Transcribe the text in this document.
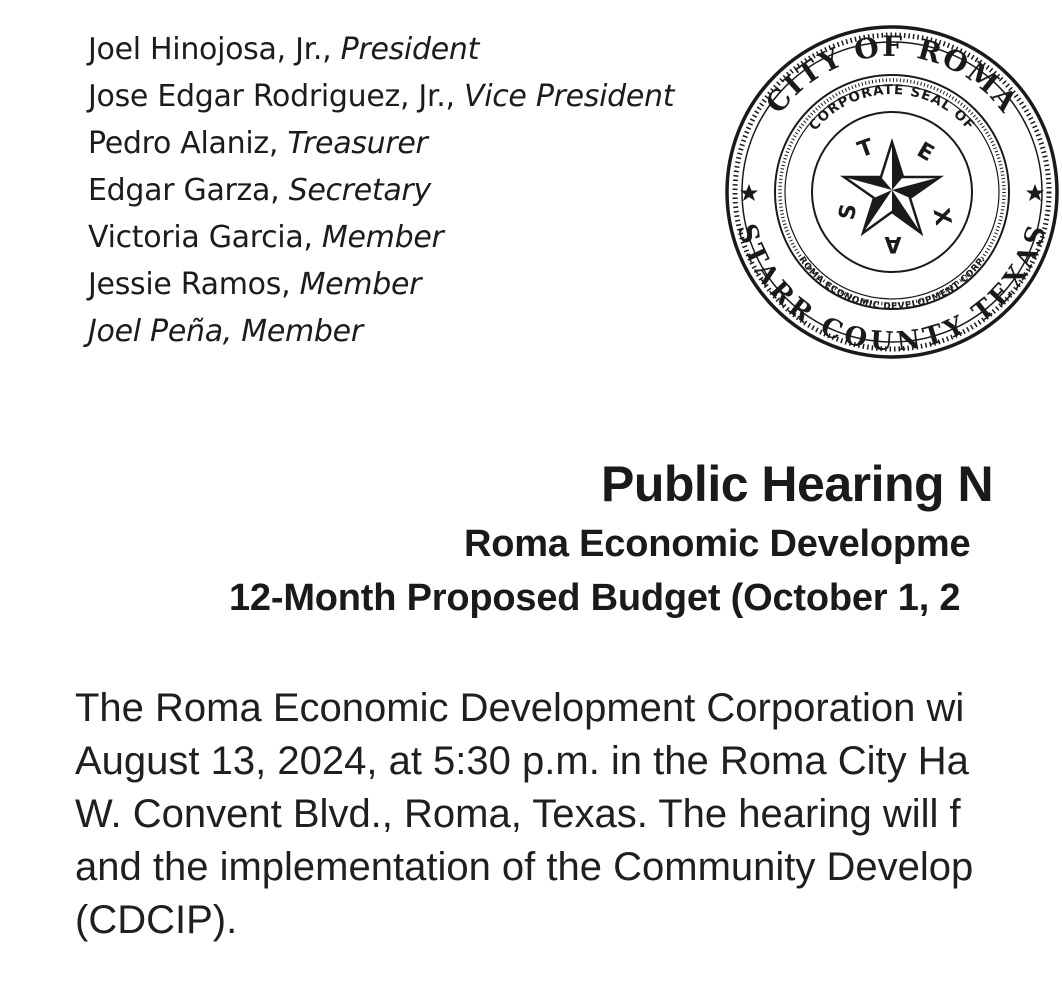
Joel Hinojosa, Jr., President
Jose Edgar Rodriguez, Jr., Vice President
Pedro Alaniz, Treasurer
Edgar Garza, Secretary
Victoria Garcia, Member
Jessie Ramos, Member
Joel Peña, Member
CITY OF ROMA
STARR COUNTY TEXAS
CORPORATE SEAL OF
ROMA ECONOMIC DEVELOPMENT CORP.
T E
X
A
S
Public Hearing N
Roma Economic Developme
12-Month Proposed Budget (October 1, 2
The Roma Economic Development Corporation wi
August 13, 2024, at 5:30 p.m. in the Roma City Ha
W. Convent Blvd., Roma, Texas. The hearing will f
and the implementation of the Community Develop
(CDCIP).
